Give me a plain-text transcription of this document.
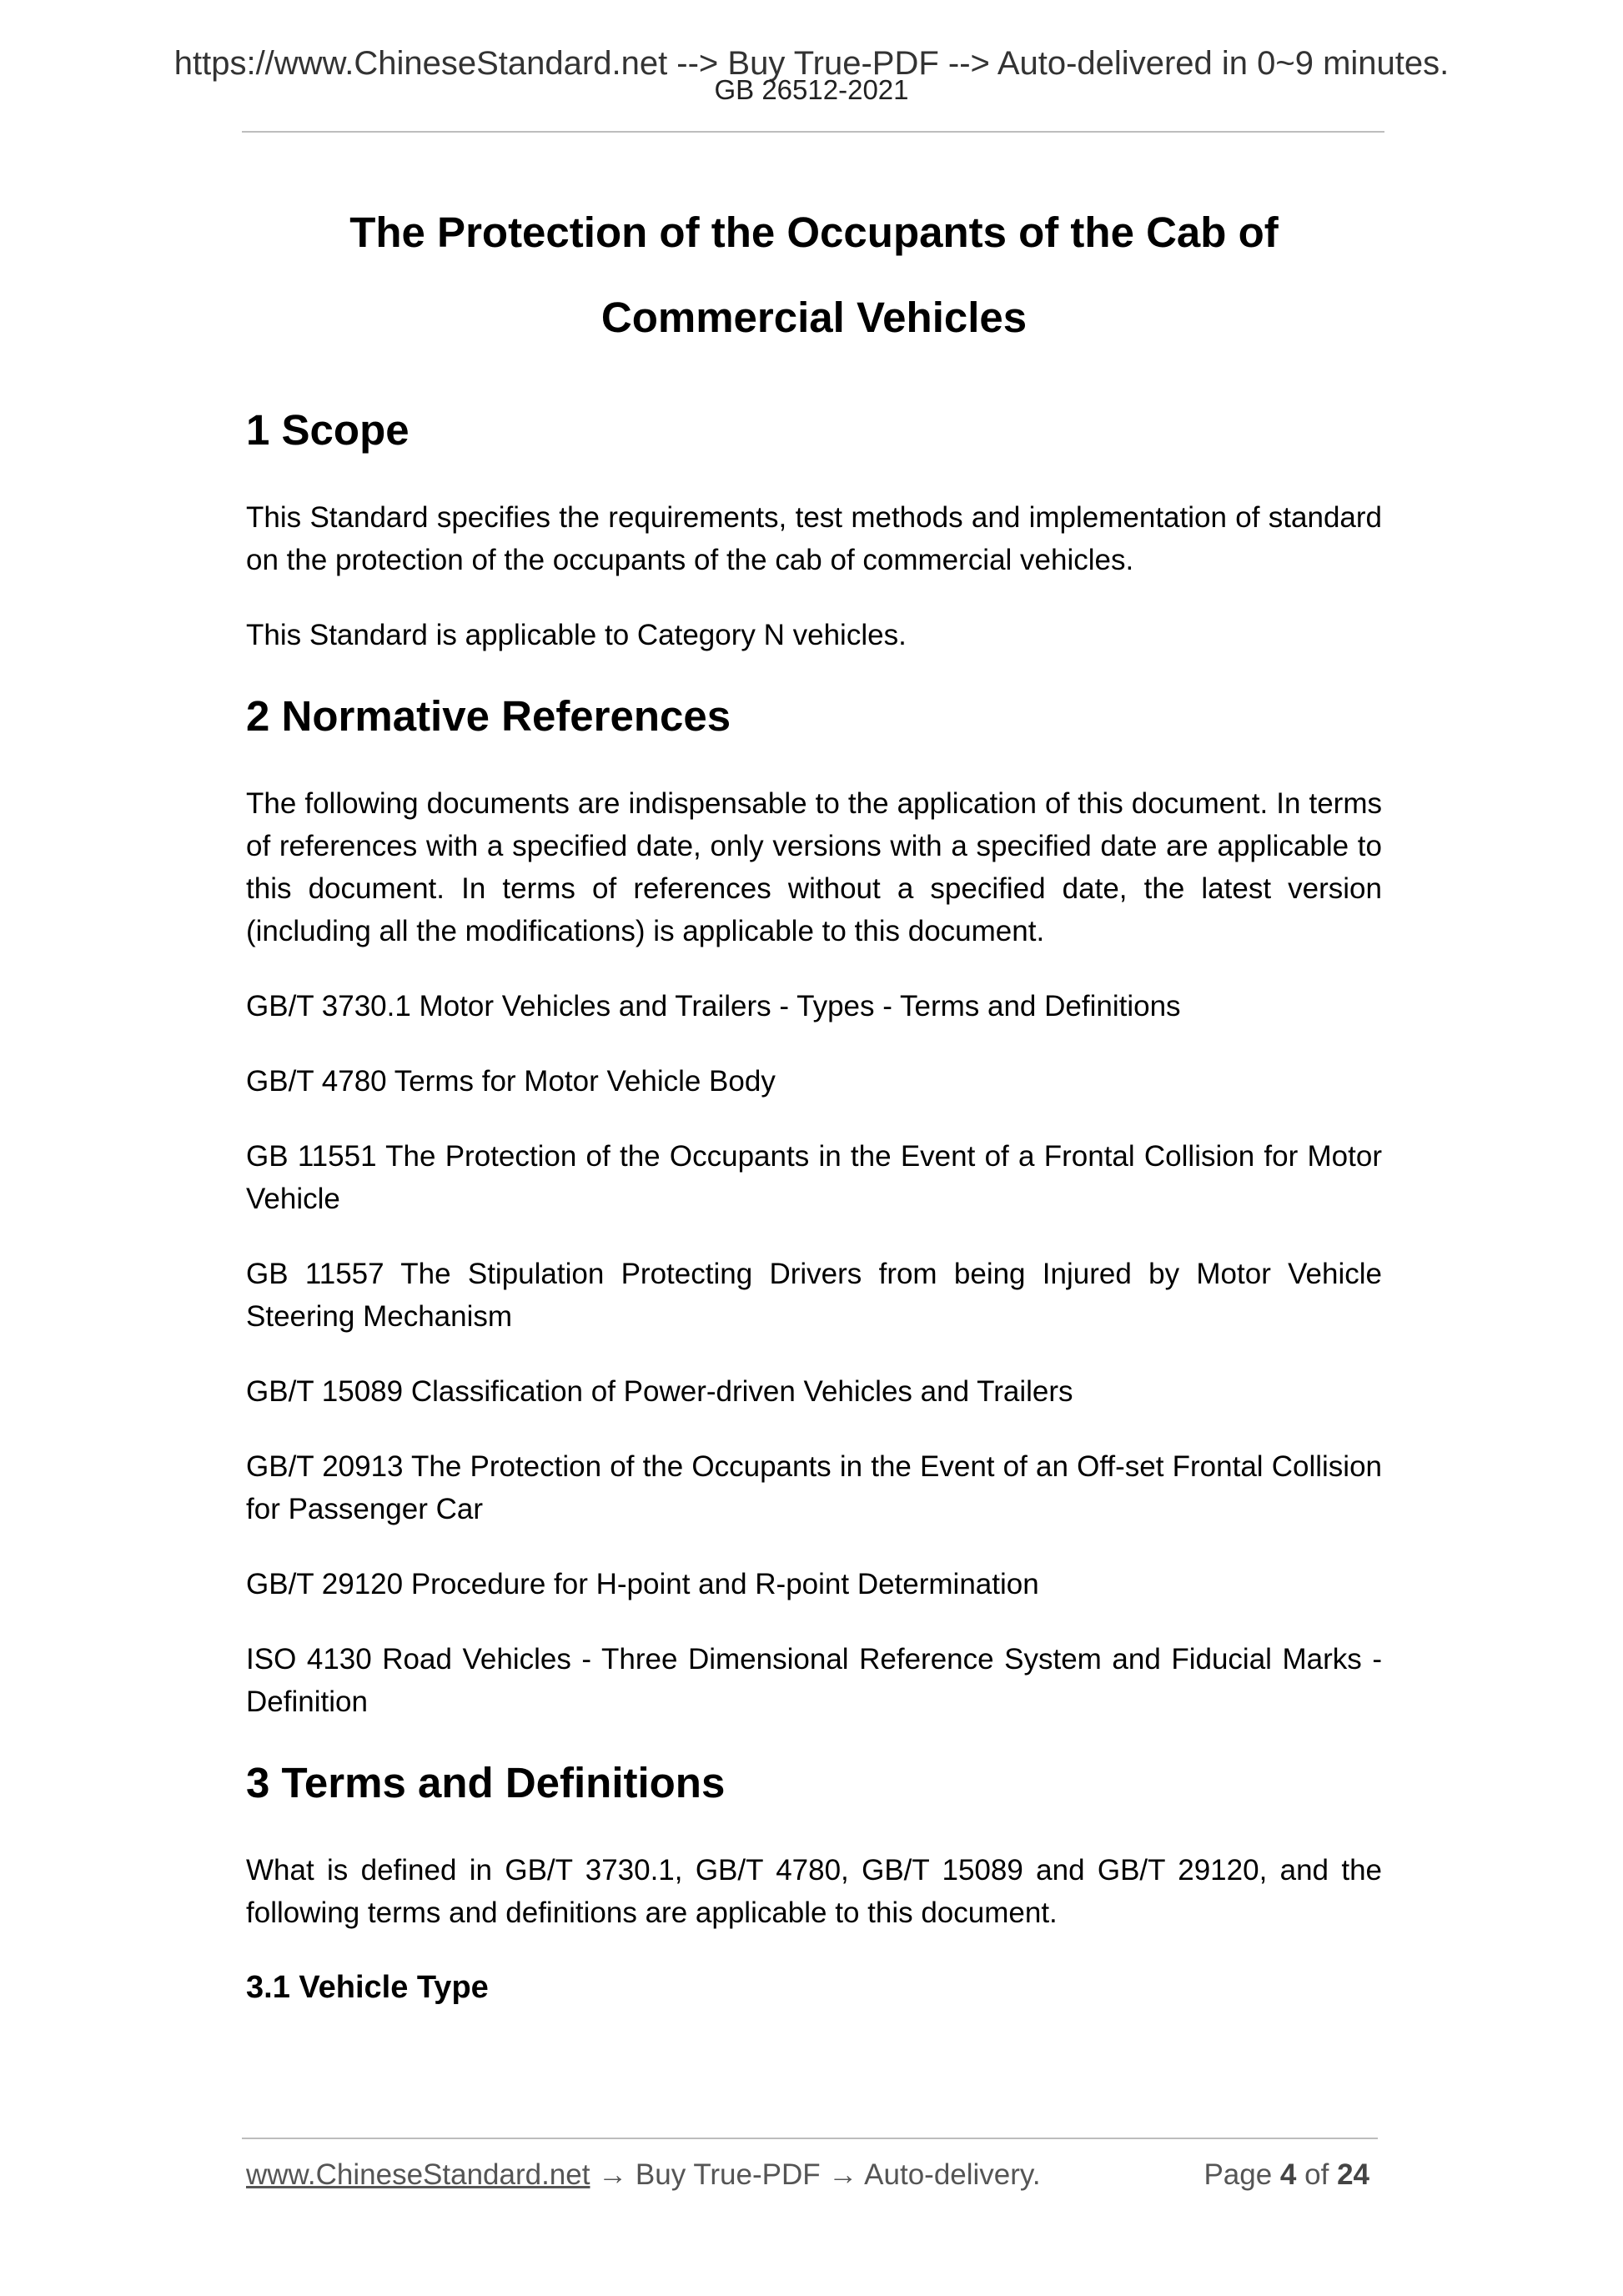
https://www.ChineseStandard.net --> Buy True-PDF --> Auto-delivered in 0~9 minutes.
GB 26512-2021
The Protection of the Occupants of the Cab of
Commercial Vehicles
1 Scope

This Standard specifies the requirements, test methods and implementation of standard on the protection of the occupants of the cab of commercial vehicles.

This Standard is applicable to Category N vehicles.

2 Normative References

The following documents are indispensable to the application of this document. In terms of references with a specified date, only versions with a specified date are applicable to this document. In terms of references without a specified date, the latest version (including all the modifications) is applicable to this document.

GB/T 3730.1 Motor Vehicles and Trailers - Types - Terms and Definitions

GB/T 4780 Terms for Motor Vehicle Body

GB 11551 The Protection of the Occupants in the Event of a Frontal Collision for Motor Vehicle

GB 11557 The Stipulation Protecting Drivers from being Injured by Motor Vehicle Steering Mechanism

GB/T 15089 Classification of Power-driven Vehicles and Trailers

GB/T 20913 The Protection of the Occupants in the Event of an Off-set Frontal Collision for Passenger Car

GB/T 29120 Procedure for H-point and R-point Determination

ISO 4130 Road Vehicles - Three Dimensional Reference System and Fiducial Marks - Definition

3 Terms and Definitions

What is defined in GB/T 3730.1, GB/T 4780, GB/T 15089 and GB/T 29120, and the following terms and definitions are applicable to this document.

3.1 Vehicle Type
www.ChineseStandard.net → Buy True-PDF → Auto-delivery.	Page 4 of 24
